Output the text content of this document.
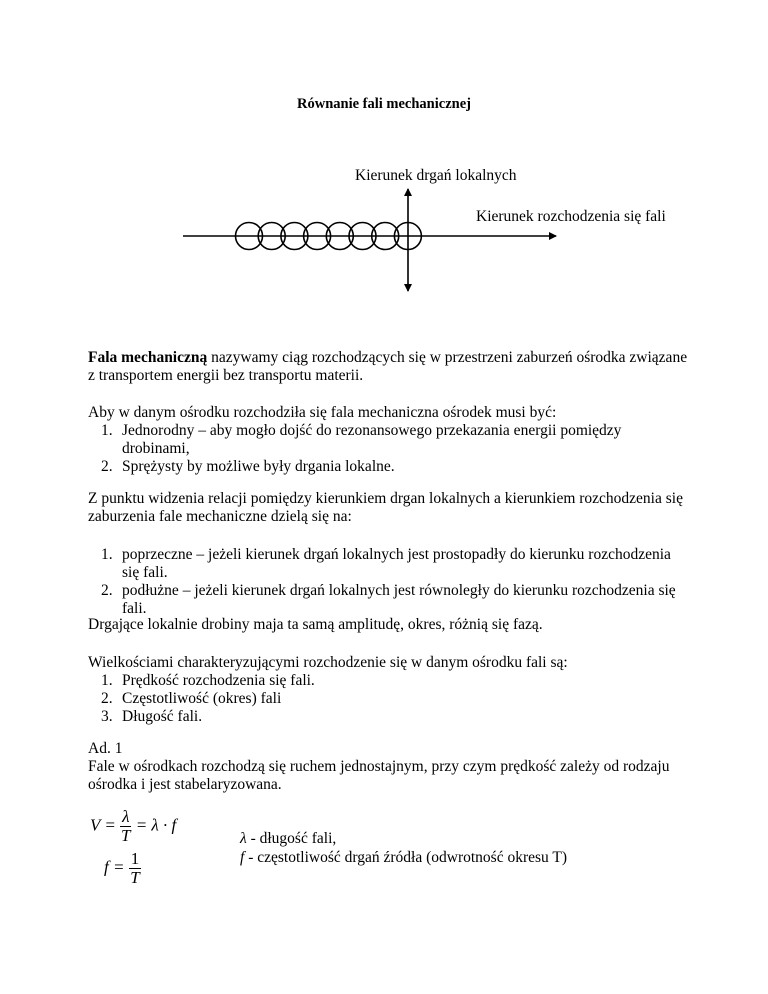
Równanie fali mechanicznej
Kierunek drgań lokalnych
Kierunek rozchodzenia się fali
Fala mechaniczną nazywamy ciąg rozchodzących się w przestrzeni zaburzeń ośrodka związane z transportem energii bez transportu materii.
Aby w danym ośrodku rozchodziła się fala mechaniczna ośrodek musi być:
1. Jednorodny – aby mogło dojść do rezonansowego przekazania energii pomiędzy drobinami,
2. Sprężysty by możliwe były drgania lokalne.
Z punktu widzenia relacji pomiędzy kierunkiem drgan lokalnych a kierunkiem rozchodzenia się zaburzenia fale mechaniczne dzielą się na:
1. poprzeczne – jeżeli kierunek drgań lokalnych jest prostopadły do kierunku rozchodzenia się fali.
2. podłużne – jeżeli kierunek drgań lokalnych jest równoległy do kierunku rozchodzenia się fali.
Drgające lokalnie drobiny maja ta samą amplitudę, okres, różnią się fazą.
Wielkościami charakteryzującymi rozchodzenie się w danym ośrodku fali są:
1. Prędkość rozchodzenia się fali.
2. Częstotliwość (okres) fali
3. Długość fali.
Ad. 1
Fale w ośrodkach rozchodzą się ruchem jednostajnym, przy czym prędkość zależy od rodzaju ośrodka i jest stabelaryzowana.
$V = \frac{\lambda}{T} = \lambda \cdot f$
$f = \frac{1}{T}$
λ - długość fali,
f - częstotliwość drgań źródła (odwrotność okresu T)
